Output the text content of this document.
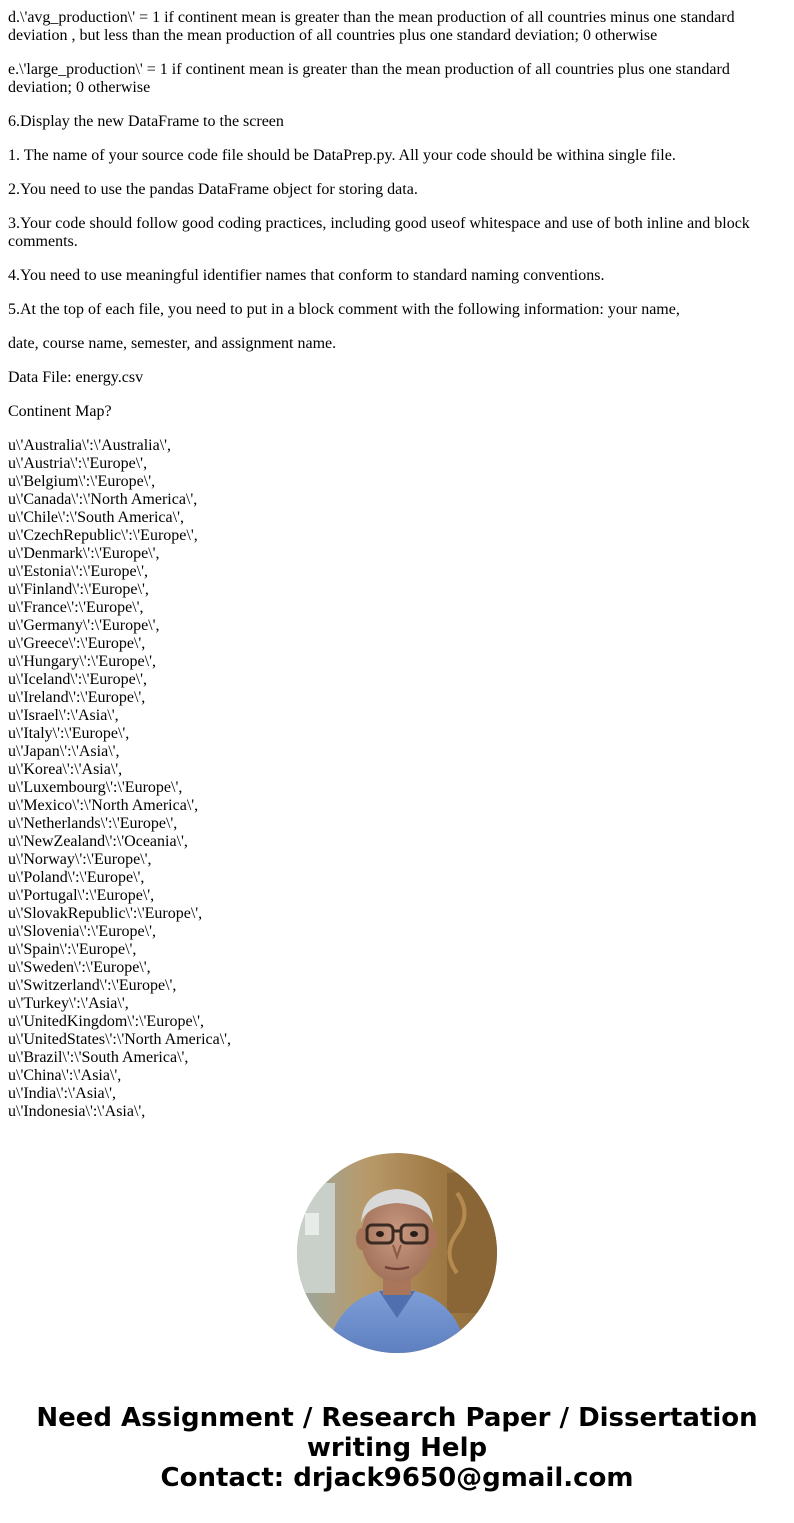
d.\'avg_production\' = 1 if continent mean is greater than the mean production of all countries minus one standard deviation , but less than the mean production of all countries plus one standard deviation; 0 otherwise

e.\'large_production\' = 1 if continent mean is greater than the mean production of all countries plus one standard deviation; 0 otherwise

6.Display the new DataFrame to the screen

1. The name of your source code file should be DataPrep.py. All your code should be withina single file.

2.You need to use the pandas DataFrame object for storing data.

3.Your code should follow good coding practices, including good useof whitespace and use of both inline and block comments.

4.You need to use meaningful identifier names that conform to standard naming conventions.

5.At the top of each file, you need to put in a block comment with the following information: your name,

date, course name, semester, and assignment name.

Data File: energy.csv

Continent Map?

u\'Australia\':\'Australia\',
u\'Austria\':\'Europe\',
u\'Belgium\':\'Europe\',
u\'Canada\':\'North America\',
u\'Chile\':\'South America\',
u\'CzechRepublic\':\'Europe\',
u\'Denmark\':\'Europe\',
u\'Estonia\':\'Europe\',
u\'Finland\':\'Europe\',
u\'France\':\'Europe\',
u\'Germany\':\'Europe\',
u\'Greece\':\'Europe\',
u\'Hungary\':\'Europe\',
u\'Iceland\':\'Europe\',
u\'Ireland\':\'Europe\',
u\'Israel\':\'Asia\',
u\'Italy\':\'Europe\',
u\'Japan\':\'Asia\',
u\'Korea\':\'Asia\',
u\'Luxembourg\':\'Europe\',
u\'Mexico\':\'North America\',
u\'Netherlands\':\'Europe\',
u\'NewZealand\':\'Oceania\',
u\'Norway\':\'Europe\',
u\'Poland\':\'Europe\',
u\'Portugal\':\'Europe\',
u\'SlovakRepublic\':\'Europe\',
u\'Slovenia\':\'Europe\',
u\'Spain\':\'Europe\',
u\'Sweden\':\'Europe\',
u\'Switzerland\':\'Europe\',
u\'Turkey\':\'Asia\',
u\'UnitedKingdom\':\'Europe\',
u\'UnitedStates\':\'North America\',
u\'Brazil\':\'South America\',
u\'China\':\'Asia\',
u\'India\':\'Asia\',
u\'Indonesia\':\'Asia\',
Need Assignment / Research Paper / Dissertation
writing Help
Contact: drjack9650@gmail.com
